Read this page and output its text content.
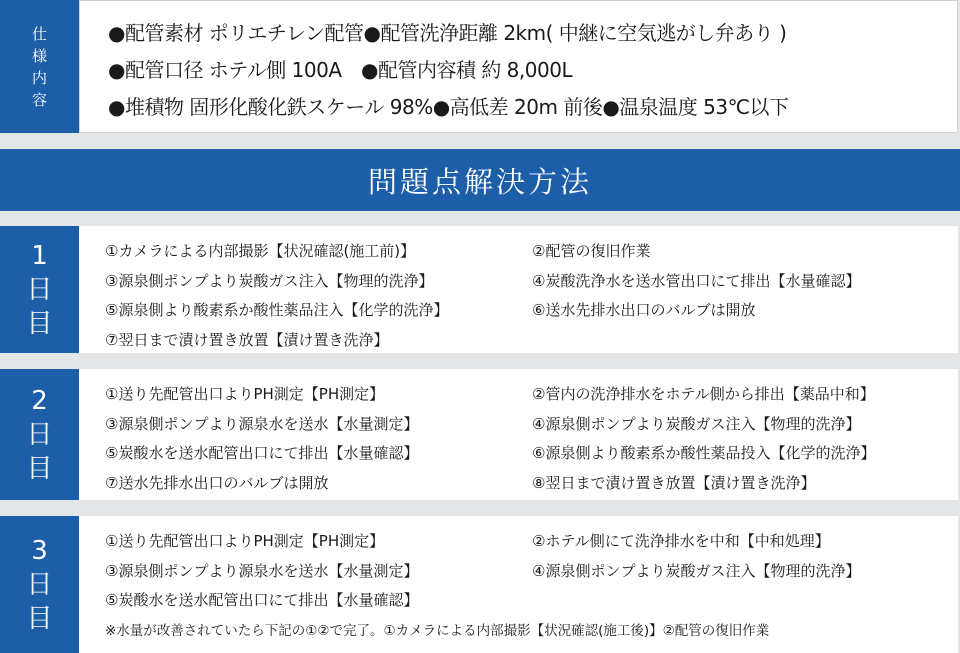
仕
様
内
容
●配管素材 ポリエチレン配管●配管洗浄距離 2km( 中継に空気逃がし弁あり )
●配管口径 ホテル側 100A　●配管内容積 約 8,000L
●堆積物 固形化酸化鉄スケール 98%●高低差 20m 前後●温泉温度 53℃以下
問題点解決方法
1
日
目
①カメラによる内部撮影【状況確認(施工前)】	②配管の復旧作業
③源泉側ポンプより炭酸ガス注入【物理的洗浄】	④炭酸洗浄水を送水管出口にて排出【水量確認】
⑤源泉側より酸素系か酸性薬品注入【化学的洗浄】	⑥送水先排水出口のバルブは開放
⑦翌日まで漬け置き放置【漬け置き洗浄】
2
日
目
①送り先配管出口よりPH測定【PH測定】	②管内の洗浄排水をホテル側から排出【薬品中和】
③源泉側ポンプより源泉水を送水【水量測定】	④源泉側ポンプより炭酸ガス注入【物理的洗浄】
⑤炭酸水を送水配管出口にて排出【水量確認】	⑥源泉側より酸素系か酸性薬品投入【化学的洗浄】
⑦送水先排水出口のバルブは開放	⑧翌日まで漬け置き放置【漬け置き洗浄】
3
日
目
①送り先配管出口よりPH測定【PH測定】	②ホテル側にて洗浄排水を中和【中和処理】
③源泉側ポンプより源泉水を送水【水量測定】	④源泉側ポンプより炭酸ガス注入【物理的洗浄】
⑤炭酸水を送水配管出口にて排出【水量確認】
※水量が改善されていたら下記の①②で完了。①カメラによる内部撮影【状況確認(施工後)】②配管の復旧作業
